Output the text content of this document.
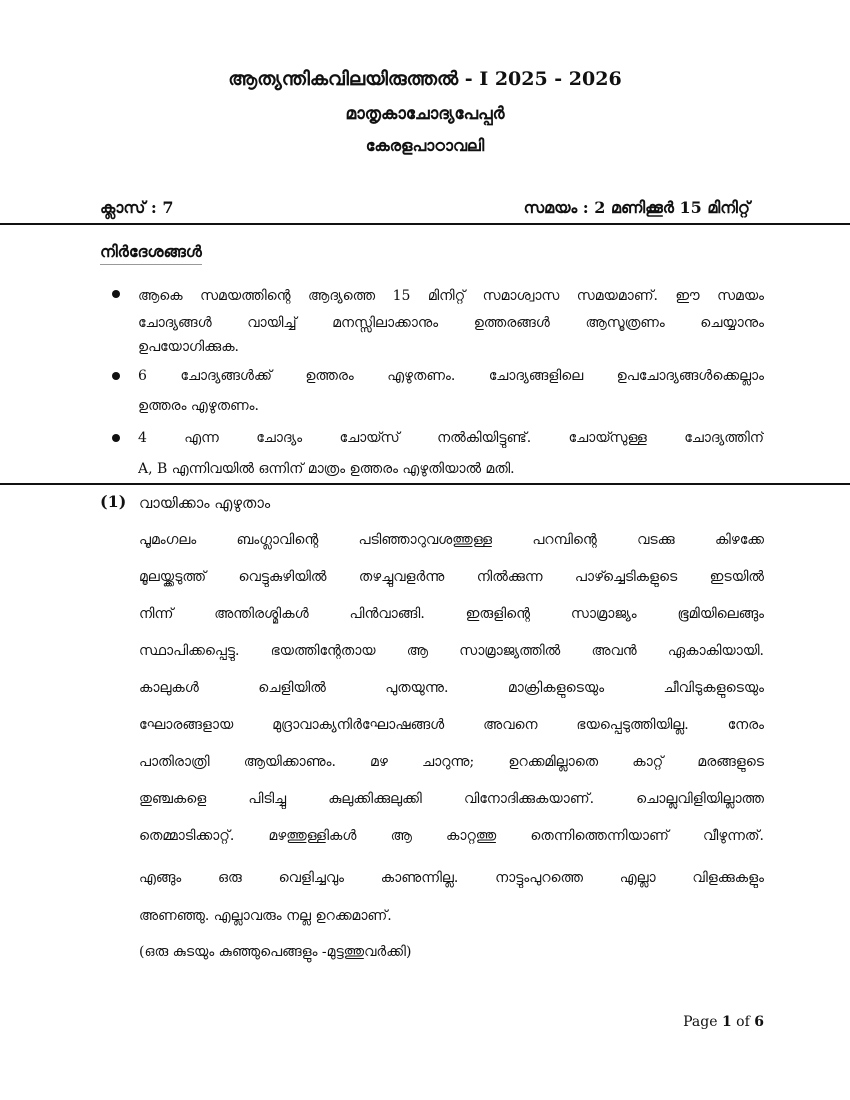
ആത്യന്തികവിലയിരുത്തൽ - I 2025 - 2026
മാതൃകാചോദ്യപേപ്പർ
കേരളപാഠാവലി
ക്ലാസ് : 7	സമയം : 2 മണിക്കൂർ 15 മിനിറ്റ്
നിർദേശങ്ങൾ
ആകെ സമയത്തിന്റെ ആദ്യത്തെ 15 മിനിറ്റ് സമാശ്വാസ സമയമാണ്. ഈ സമയം
ചോദ്യങ്ങൾ വായിച്ച് മനസ്സിലാക്കാനും ഉത്തരങ്ങൾ ആസൂത്രണം ചെയ്യാനും
ഉപയോഗിക്കുക.
6 ചോദ്യങ്ങൾക്ക് ഉത്തരം എഴുതണം. ചോദ്യങ്ങളിലെ ഉപചോദ്യങ്ങൾക്കെല്ലാം
ഉത്തരം എഴുതണം.
4 എന്ന ചോദ്യം ചോയ്സ് നൽകിയിട്ടുണ്ട്. ചോയ്സുള്ള ചോദ്യത്തിന്
A, B എന്നിവയിൽ ഒന്നിന് മാത്രം ഉത്തരം എഴുതിയാൽ മതി.
(1) വായിക്കാം എഴുതാം
പൂമംഗലം ബംഗ്ലാവിന്റെ പടിഞ്ഞാറുവശത്തുള്ള പറമ്പിന്റെ വടക്കു കിഴക്കേ
മൂലയ്ക്കടുത്ത് വെട്ടുകുഴിയിൽ തഴച്ചുവളർന്നു നിൽക്കുന്ന പാഴ്ച്ചെടികളുടെ ഇടയിൽ
നിന്ന് അന്തിരശ്മികൾ പിൻവാങ്ങി. ഇരുളിന്റെ സാമ്രാജ്യം ഭൂമിയിലെങ്ങും
സ്ഥാപിക്കപ്പെട്ടു. ഭയത്തിന്റേതായ ആ സാമ്രാജ്യത്തിൽ അവൻ ഏകാകിയായി.
കാലുകൾ ചെളിയിൽ പുതയുന്നു. മാക്രികളുടെയും ചീവിടുകളുടെയും
ഘോരങ്ങളായ മുദ്രാവാക്യനിർഘോഷങ്ങൾ അവനെ ഭയപ്പെടുത്തിയില്ല. നേരം
പാതിരാത്രി ആയിക്കാണും. മഴ ചാറുന്നു; ഉറക്കമില്ലാതെ കാറ്റ് മരങ്ങളുടെ
തുഞ്ചകളെ പിടിച്ചു കുലുക്കിക്കുലുക്കി വിനോദിക്കുകയാണ്. ചൊല്ലുവിളിയില്ലാത്ത
തെമ്മാടിക്കാറ്റ്. മഴത്തുള്ളികൾ ആ കാറ്റത്തു തെന്നിത്തെന്നിയാണ് വീഴുന്നത്.
എങ്ങും ഒരു വെളിച്ചവും കാണുന്നില്ല. നാട്ടുംപുറത്തെ എല്ലാ വിളക്കുകളും
അണഞ്ഞു. എല്ലാവരും നല്ല ഉറക്കമാണ്.
(ഒരു കുടയും കുഞ്ഞുപെങ്ങളും -മുട്ടത്തുവർക്കി)
Page 1 of 6
